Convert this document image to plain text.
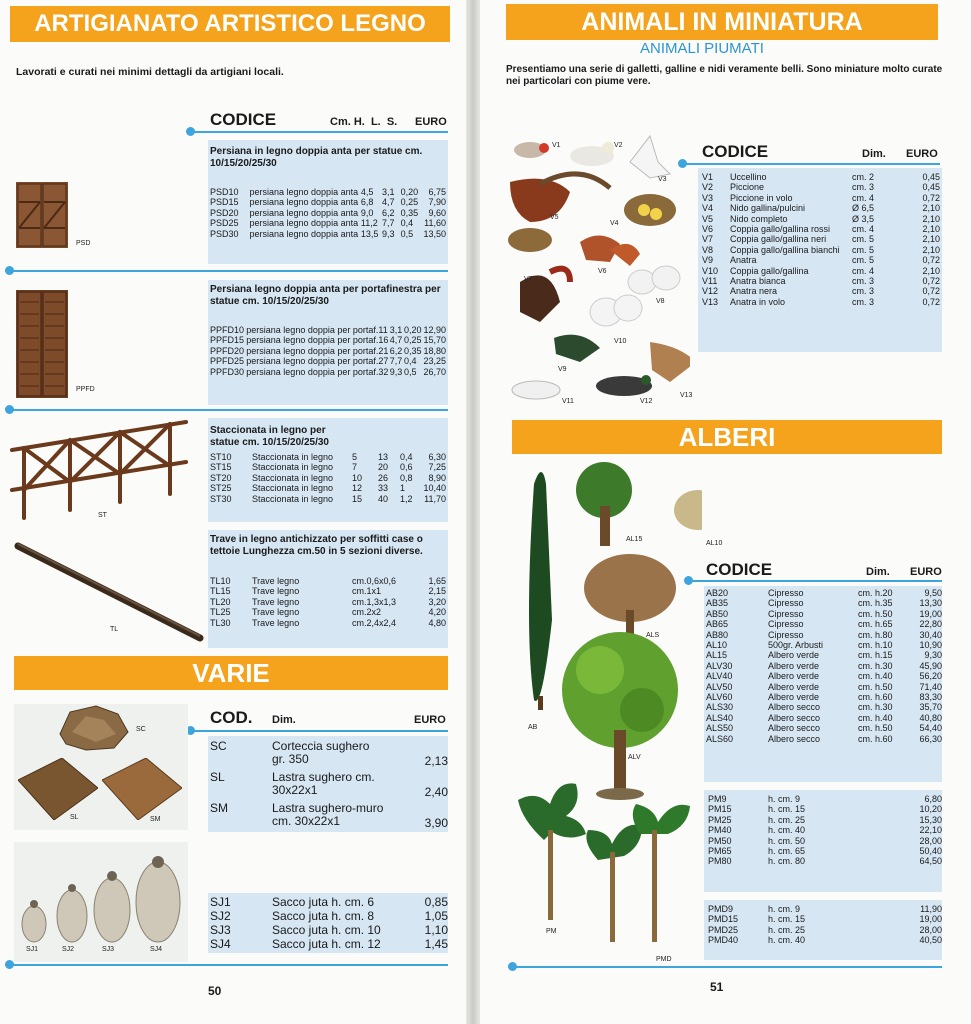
ARTIGIANATO ARTISTICO LEGNO
Lavorati e curati nei minimi dettagli da artigiani locali.
CODICE	Cm. H.  L.  S. EURO
Persiana in legno doppia anta per statue cm. 10/15/20/25/30
PSD10	persiana legno doppia anta	4,5	3,1	0,20	6,75
PSD15	persiana legno doppia anta	6,8	4,7	0,25	7,90
PSD20	persiana legno doppia anta	9,0	6,2	0,35	9,60
PSD25	persiana legno doppia anta	11,2	7,7	0,4	11,60
PSD30	persiana legno doppia anta	13,5	9,3	0,5	13,50
PSD
Persiana legno doppia anta per portafinestra per statue cm. 10/15/20/25/30
PPFD10	persiana legno doppia per portaf.	11	3,1	0,20	12,90
PPFD15	persiana legno doppia per portaf.	16	4,7	0,25	15,70
PPFD20	persiana legno doppia per portaf.	21	6,2	0,35	18,80
PPFD25	persiana legno doppia per portaf.	27	7,7	0,4	23,25
PPFD30	persiana legno doppia per portaf.	32	9,3	0,5	26,70
PPFD
Staccionata in legno per statue cm. 10/15/20/25/30
ST10	Staccionata in legno	5	13	0,4	6,30
ST15	Staccionata in legno	7	20	0,6	7,25
ST20	Staccionata in legno	10	26	0,8	8,90
ST25	Staccionata in legno	12	33	1	10,40
ST30	Staccionata in legno	15	40	1,2	11,70
ST
Trave in legno antichizzato per soffitti case o tettoie Lunghezza cm.50 in 5 sezioni diverse.
TL10	Trave legno	cm.0,6x0,6	1,65
TL15	Trave legno	cm.1x1	2,15
TL20	Trave legno	cm.1,3x1,3	3,20
TL25	Trave legno	cm.2x2	4,20
TL30	Trave legno	cm.2,4x2,4	4,80
TL
VARIE
COD. Dim.	EURO
SC	Corteccia sughero
gr. 350	2,13
SL	Lastra sughero cm.
30x22x1	2,40
SM	Lastra sughero-muro
cm. 30x22x1	3,90
SC
SL	SM
SJ1	SJ2	SJ3	SJ4
SJ1	Sacco juta h. cm. 6	0,85
SJ2	Sacco juta h. cm. 8	1,05
SJ3	Sacco juta h. cm. 10	1,10
SJ4	Sacco juta h. cm. 12	1,45
50
ANIMALI IN MINIATURA
ANIMALI PIUMATI
Presentiamo una serie di galletti, galline e nidi veramente belli. Sono miniature molto curate nei particolari con piume vere.
CODICE	Dim. EURO
V1	Uccellino	cm. 2	0,45
V2	Piccione	cm. 3	0,45
V3	Piccione in volo	cm. 4	0,72
V4	Nido gallina/pulcini	Ø 6,5	2,10
V5	Nido completo	Ø 3,5	2,10
V6	Coppia gallo/gallina rossi	cm. 4	2,10
V7	Coppia gallo/gallina neri	cm. 5	2,10
V8	Coppia gallo/gallina bianchi	cm. 5	2,10
V9	Anatra	cm. 5	0,72
V10	Coppia gallo/gallina	cm. 4	2,10
V11	Anatra bianca	cm. 3	0,72
V12	Anatra nera	cm. 3	0,72
V13	Anatra in volo	cm. 3	0,72
V1	V2
V3
V4
V5
V6
V7
V8
V9
V10
V11	V12
V13
ALBERI
CODICE	Dim. EURO
AB20	Cipresso	cm. h.20	9,50
AB35	Cipresso	cm. h.35	13,30
AB50	Cipresso	cm. h.50	19,00
AB65	Cipresso	cm. h.65	22,80
AB80	Cipresso	cm. h.80	30,40
AL10	500gr. Arbusti	cm. h.10	10,90
AL15	Albero verde	cm. h.15	9,30
ALV30	Albero verde	cm. h.30	45,90
ALV40	Albero verde	cm. h.40	56,20
ALV50	Albero verde	cm. h.50	71,40
ALV60	Albero verde	cm. h.60	83,30
ALS30	Albero secco	cm. h.30	35,70
ALS40	Albero secco	cm. h.40	40,80
ALS50	Albero secco	cm. h.50	54,40
ALS60	Albero secco	cm. h.60	66,30
PM9	h. cm. 9	6,80
PM15	h. cm. 15	10,20
PM25	h. cm. 25	15,30
PM40	h. cm. 40	22,10
PM50	h. cm. 50	28,00
PM65	h. cm. 65	50,40
PM80	h. cm. 80	64,50
PMD9	h. cm. 9	11,90
PMD15	h. cm. 15	19,00
PMD25	h. cm. 25	28,00
PMD40	h. cm. 40	40,50
AL15
AL10
ALS
AB
ALV
PM
PMD
51
